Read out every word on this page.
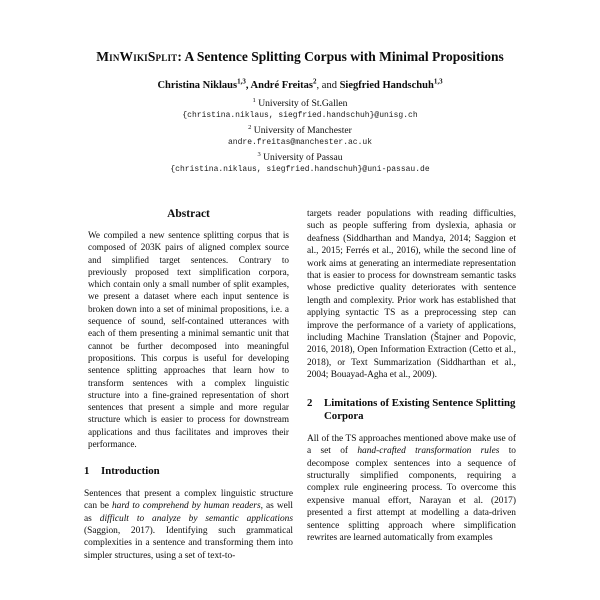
MinWikiSplit: A Sentence Splitting Corpus with Minimal Propositions
Christina Niklaus$^{1,3}$, André Freitas$^2$, and Siegfried Handschuh$^{1,3}$
$^1$ University of St.Gallen
{christina.niklaus, siegfried.handschuh}@unisg.ch
$^2$ University of Manchester
andre.freitas@manchester.ac.uk
$^3$ University of Passau
{christina.niklaus, siegfried.handschuh}@uni-passau.de
Abstract

We compiled a new sentence splitting corpus that is composed of 203K pairs of aligned complex source and simplified target sentences. Contrary to previously proposed text simplification corpora, which contain only a small number of split examples, we present a dataset where each input sentence is broken down into a set of minimal propositions, i.e. a sequence of sound, self-contained utterances with each of them presenting a minimal semantic unit that cannot be further decomposed into meaningful propositions. This corpus is useful for developing sentence splitting approaches that learn how to transform sentences with a complex linguistic structure into a fine-grained representation of short sentences that present a simple and more regular structure which is easier to process for downstream applications and thus facilitates and improves their performance.

1	Introduction

Sentences that present a complex linguistic structure can be hard to comprehend by human readers, as well as difficult to analyze by semantic applications (Saggion, 2017). Identifying such grammatical complexities in a sentence and transforming them into simpler structures, using a set of text-to-

targets reader populations with reading difficulties, such as people suffering from dyslexia, aphasia or deafness (Siddharthan and Mandya, 2014; Saggion et al., 2015; Ferrés et al., 2016), while the second line of work aims at generating an intermediate representation that is easier to process for downstream semantic tasks whose predictive quality deteriorates with sentence length and complexity. Prior work has established that applying syntactic TS as a preprocessing step can improve the performance of a variety of applications, including Machine Translation (Štajner and Popovic, 2016, 2018), Open Information Extraction (Cetto et al., 2018), or Text Summarization (Siddharthan et al., 2004; Bouayad-Agha et al., 2009).

2	Limitations of Existing Sentence Splitting Corpora

All of the TS approaches mentioned above make use of a set of hand-crafted transformation rules to decompose complex sentences into a sequence of structurally simplified components, requiring a complex rule engineering process. To overcome this expensive manual effort, Narayan et al. (2017) presented a first attempt at modelling a data-driven sentence splitting approach where simplification rewrites are learned automatically from examples
